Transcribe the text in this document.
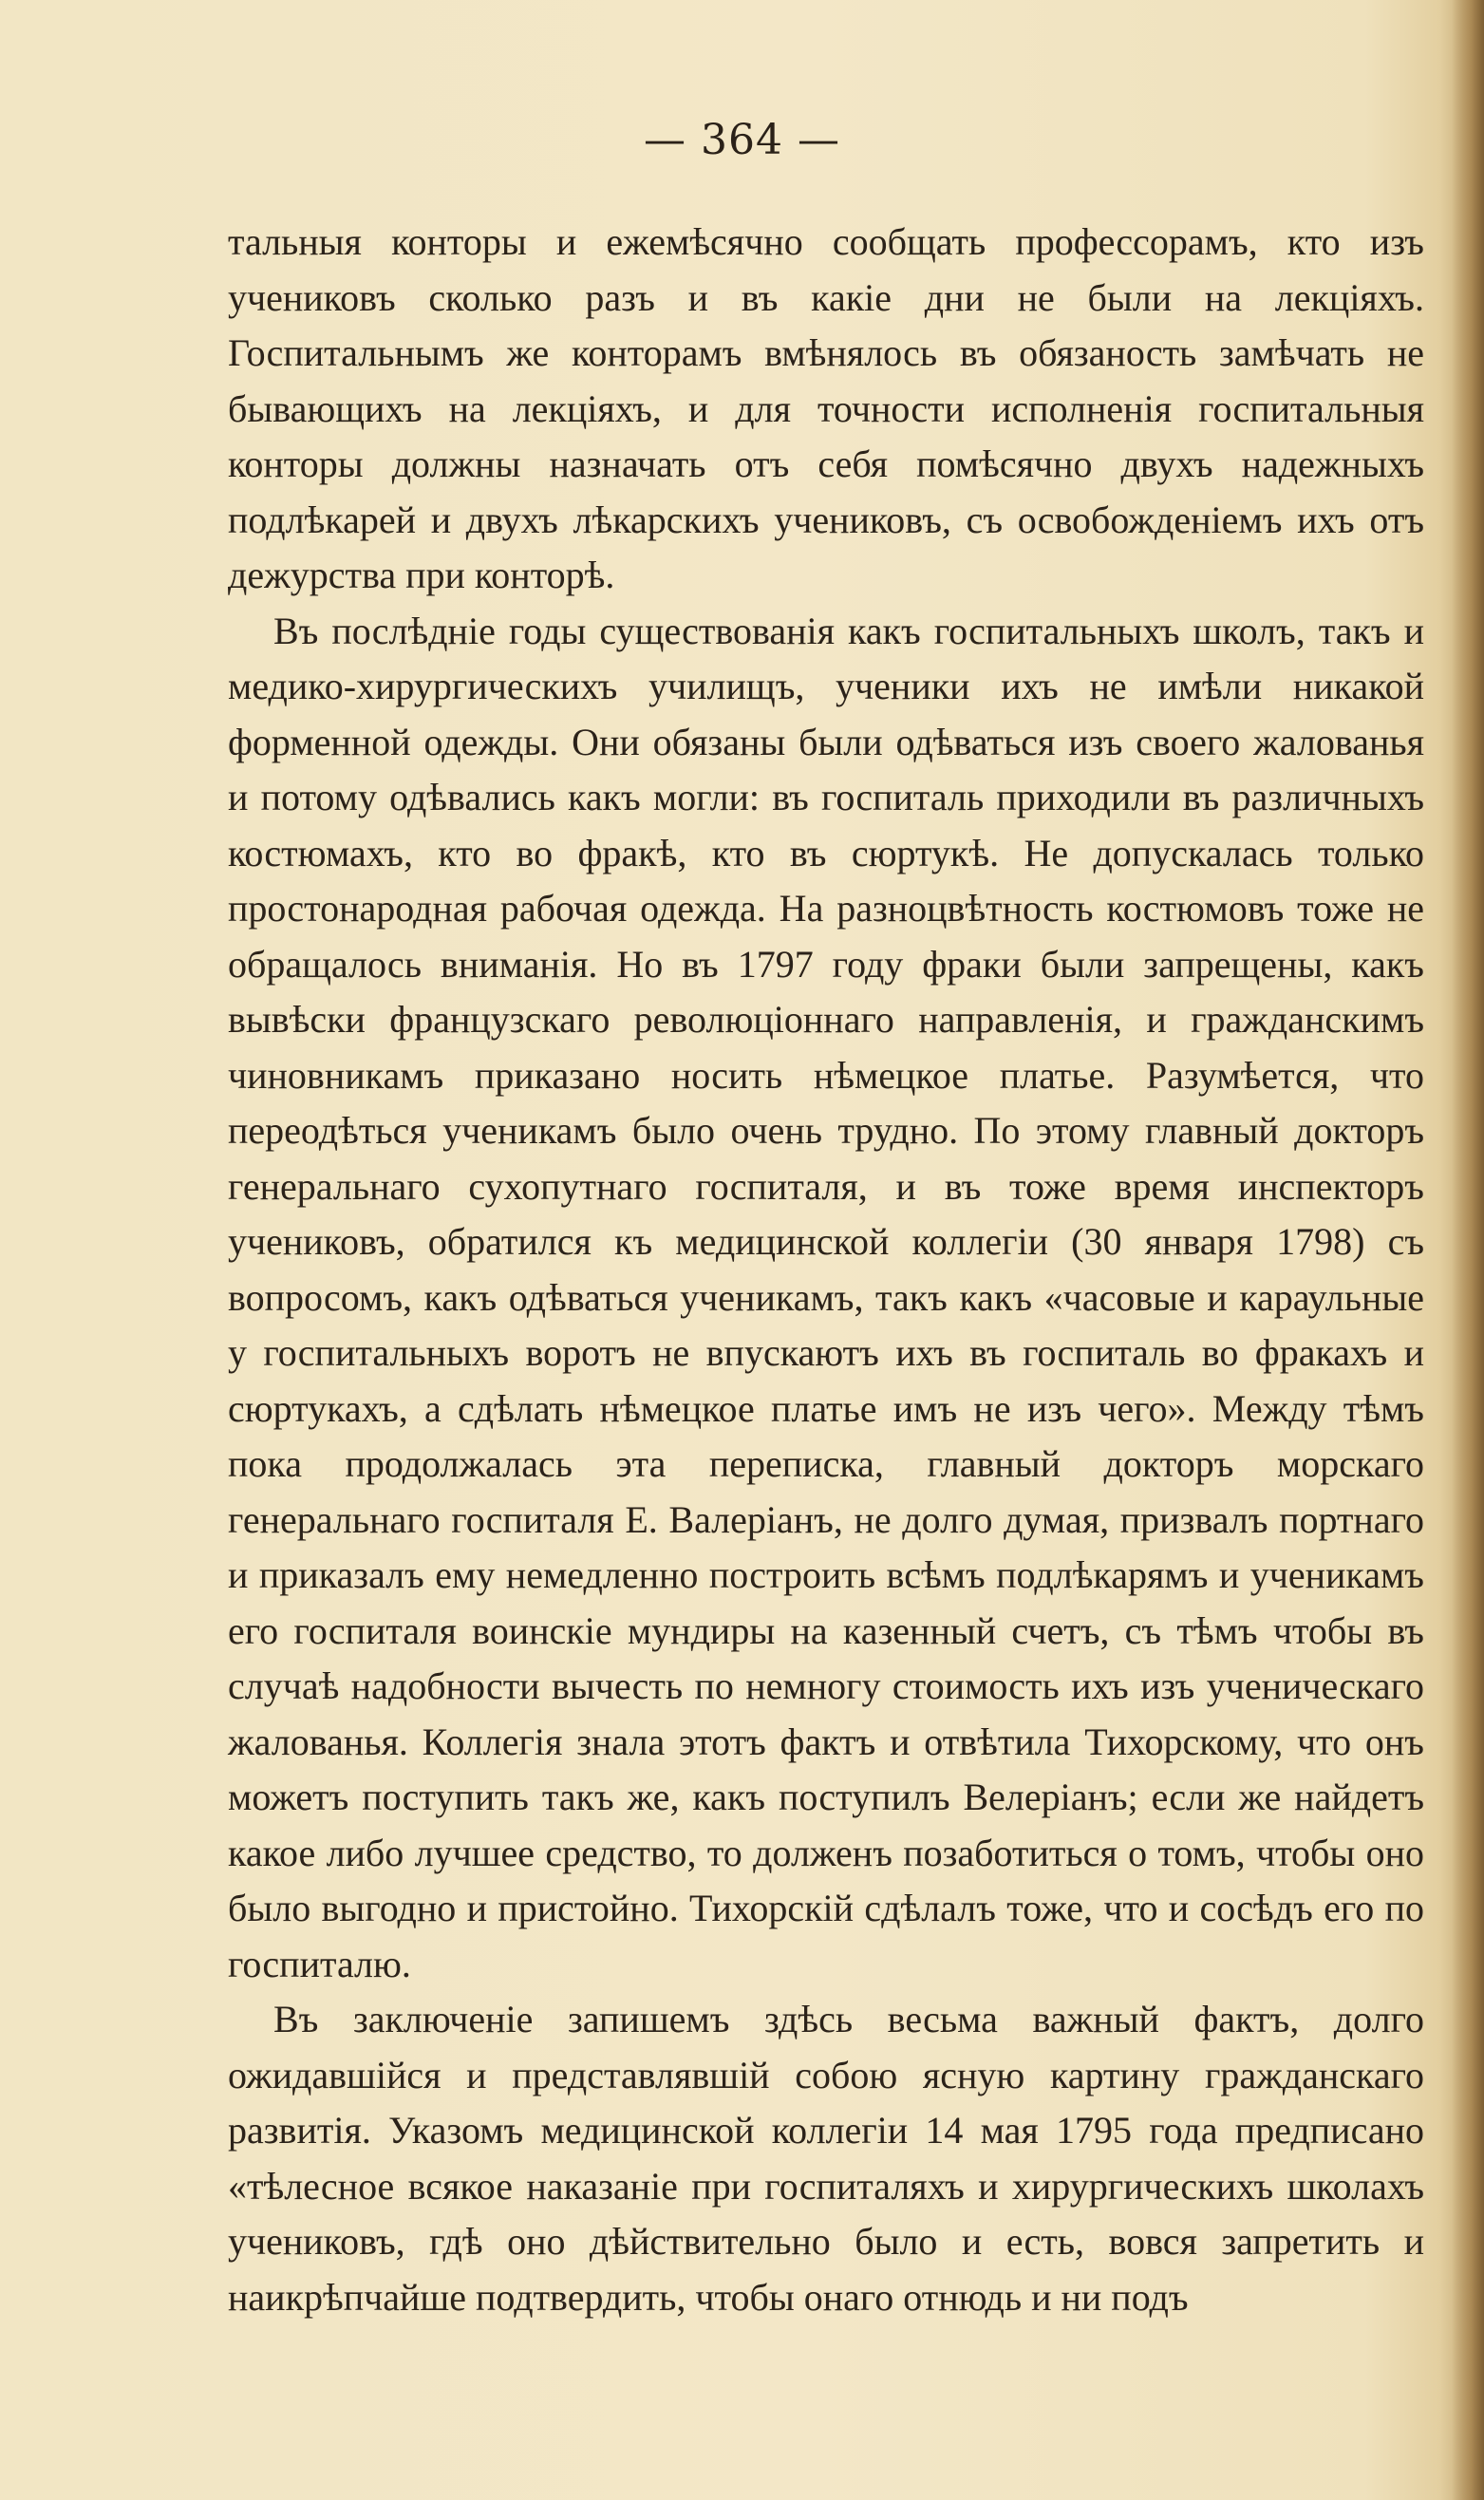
— 364 —

тальныя конторы и ежемѣсячно сообщать профессорамъ, кто изъ учениковъ сколько разъ и въ какіе дни не были на лекціяхъ. Госпитальнымъ же конторамъ вмѣнялось въ обязаность замѣчать не бывающихъ на лекціяхъ, и для точности исполненія госпитальныя конторы должны назначать отъ себя помѣсячно двухъ надежныхъ подлѣкарей и двухъ лѣкарскихъ учениковъ, съ освобожденіемъ ихъ отъ дежурства при конторѣ.

Въ послѣдніе годы существованія какъ госпитальныхъ школъ, такъ и медико-хирургическихъ училищъ, ученики ихъ не имѣли никакой форменной одежды. Они обязаны были одѣваться изъ своего жалованья и потому одѣвались какъ могли: въ госпиталь приходили въ различныхъ костюмахъ, кто во фракѣ, кто въ сюртукѣ. Не допускалась только простонародная рабочая одежда. На разноцвѣтность костюмовъ тоже не обращалось вниманія. Но въ 1797 году фраки были запрещены, какъ вывѣски французскаго революціоннаго направленія, и гражданскимъ чиновникамъ приказано носить нѣмецкое платье. Разумѣется, что переодѣться ученикамъ было очень трудно. По этому главный докторъ генеральнаго сухопутнаго госпиталя, и въ тоже время инспекторъ учениковъ, обратился къ медицинской коллегіи (30 января 1798) съ вопросомъ, какъ одѣваться ученикамъ, такъ какъ «часовые и караульные у госпитальныхъ воротъ не впускаютъ ихъ въ госпиталь во фракахъ и сюртукахъ, а сдѣлать нѣмецкое платье имъ не изъ чего». Между тѣмъ пока продолжалась эта переписка, главный докторъ морскаго генеральнаго госпиталя Е. Валеріанъ, не долго думая, призвалъ портнаго и приказалъ ему немедленно построить всѣмъ подлѣкарямъ и ученикамъ его госпиталя воинскіе мундиры на казенный счетъ, съ тѣмъ чтобы въ случаѣ надобности вычесть по немногу стоимость ихъ изъ ученическаго жалованья. Коллегія знала этотъ фактъ и отвѣтила Тихорскому, что онъ можетъ поступить такъ же, какъ поступилъ Велеріанъ; если же найдетъ какое либо лучшее средство, то долженъ позаботиться о томъ, чтобы оно было выгодно и пристойно. Тихорскій сдѣлалъ тоже, что и сосѣдъ его по госпиталю.

Въ заключеніе запишемъ здѣсь весьма важный фактъ, долго ожидавшійся и представлявшій собою ясную картину гражданскаго развитія. Указомъ медицинской коллегіи 14 мая 1795 года предписано «тѣлесное всякое наказаніе при госпиталяхъ и хирургическихъ школахъ учениковъ, гдѣ оно дѣйствительно было и есть, вовся запретить и наикрѣпчайше подтвердить, чтобы онаго отнюдь и ни подъ
